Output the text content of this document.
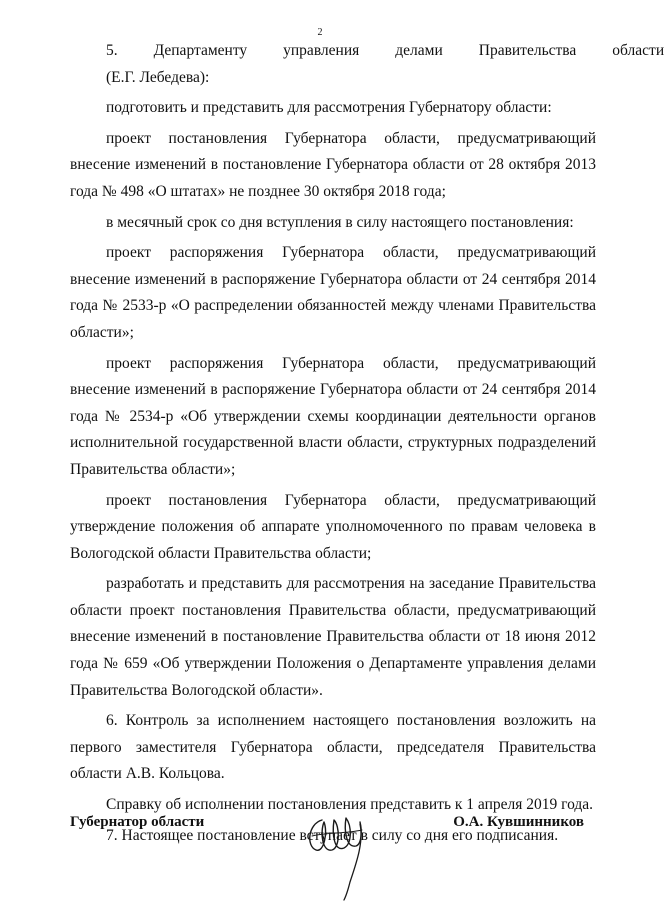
2

5.	Департаменту	управления	делами	Правительства	области

(Е.Г. Лебедева):

подготовить и представить для рассмотрения Губернатору области:

проект постановления Губернатора области, предусматривающий внесение изменений в постановление Губернатора области от 28 октября 2013 года № 498 «О штатах» не позднее 30 октября 2018 года;

в месячный срок со дня вступления в силу настоящего постановления:

проект распоряжения Губернатора области, предусматривающий внесение изменений в распоряжение Губернатора области от 24 сентября 2014 года № 2533-р «О распределении обязанностей между членами Правительства области»;

проект распоряжения Губернатора области, предусматривающий внесение изменений в распоряжение Губернатора области от 24 сентября 2014 года № 2534-р «Об утверждении схемы координации деятельности органов исполнительной государственной власти области, структурных подразделений Правительства области»;

проект постановления Губернатора области, предусматривающий утверждение положения об аппарате уполномоченного по правам человека в Вологодской области Правительства области;

разработать и представить для рассмотрения на заседание Правительства области проект постановления Правительства области, предусматривающий внесение изменений в постановление Правительства области от 18 июня 2012 года № 659 «Об утверждении Положения о Департаменте управления делами Правительства Вологодской области».

6. Контроль за исполнением настоящего постановления возложить на первого заместителя Губернатора области, председателя Правительства области А.В. Кольцова.

Справку об исполнении постановления представить к 1 апреля 2019 года.

7. Настоящее постановление вступает в силу со дня его подписания.

Губернатор области	О.А. Кувшинников
